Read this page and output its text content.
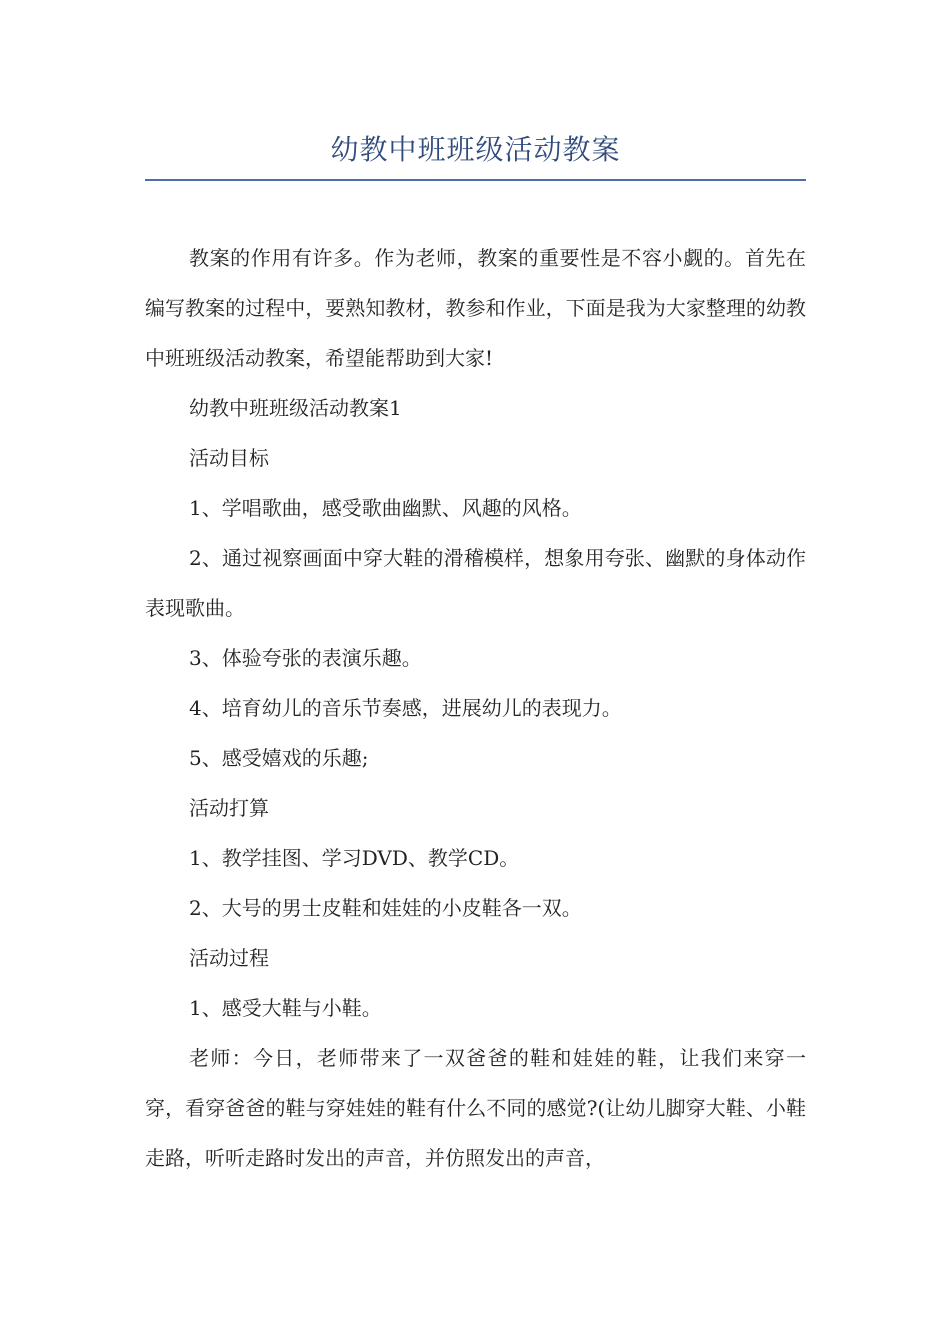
幼教中班班级活动教案

教案的作用有许多。作为老师，教案的重要性是不容小觑的。首先在编写教案的过程中，要熟知教材，教参和作业，下面是我为大家整理的幼教中班班级活动教案，希望能帮助到大家!

幼教中班班级活动教案1

活动目标

1、学唱歌曲，感受歌曲幽默、风趣的风格。

2、通过视察画面中穿大鞋的滑稽模样，想象用夸张、幽默的身体动作表现歌曲。

3、体验夸张的表演乐趣。

4、培育幼儿的音乐节奏感，进展幼儿的表现力。

5、感受嬉戏的乐趣;

活动打算

1、教学挂图、学习DVD、教学CD。

2、大号的男士皮鞋和娃娃的小皮鞋各一双。

活动过程

1、感受大鞋与小鞋。

老师：今日，老师带来了一双爸爸的鞋和娃娃的鞋，让我们来穿一穿，看穿爸爸的鞋与穿娃娃的鞋有什么不同的感觉?(让幼儿脚穿大鞋、小鞋走路，听听走路时发出的声音，并仿照发出的声音，
